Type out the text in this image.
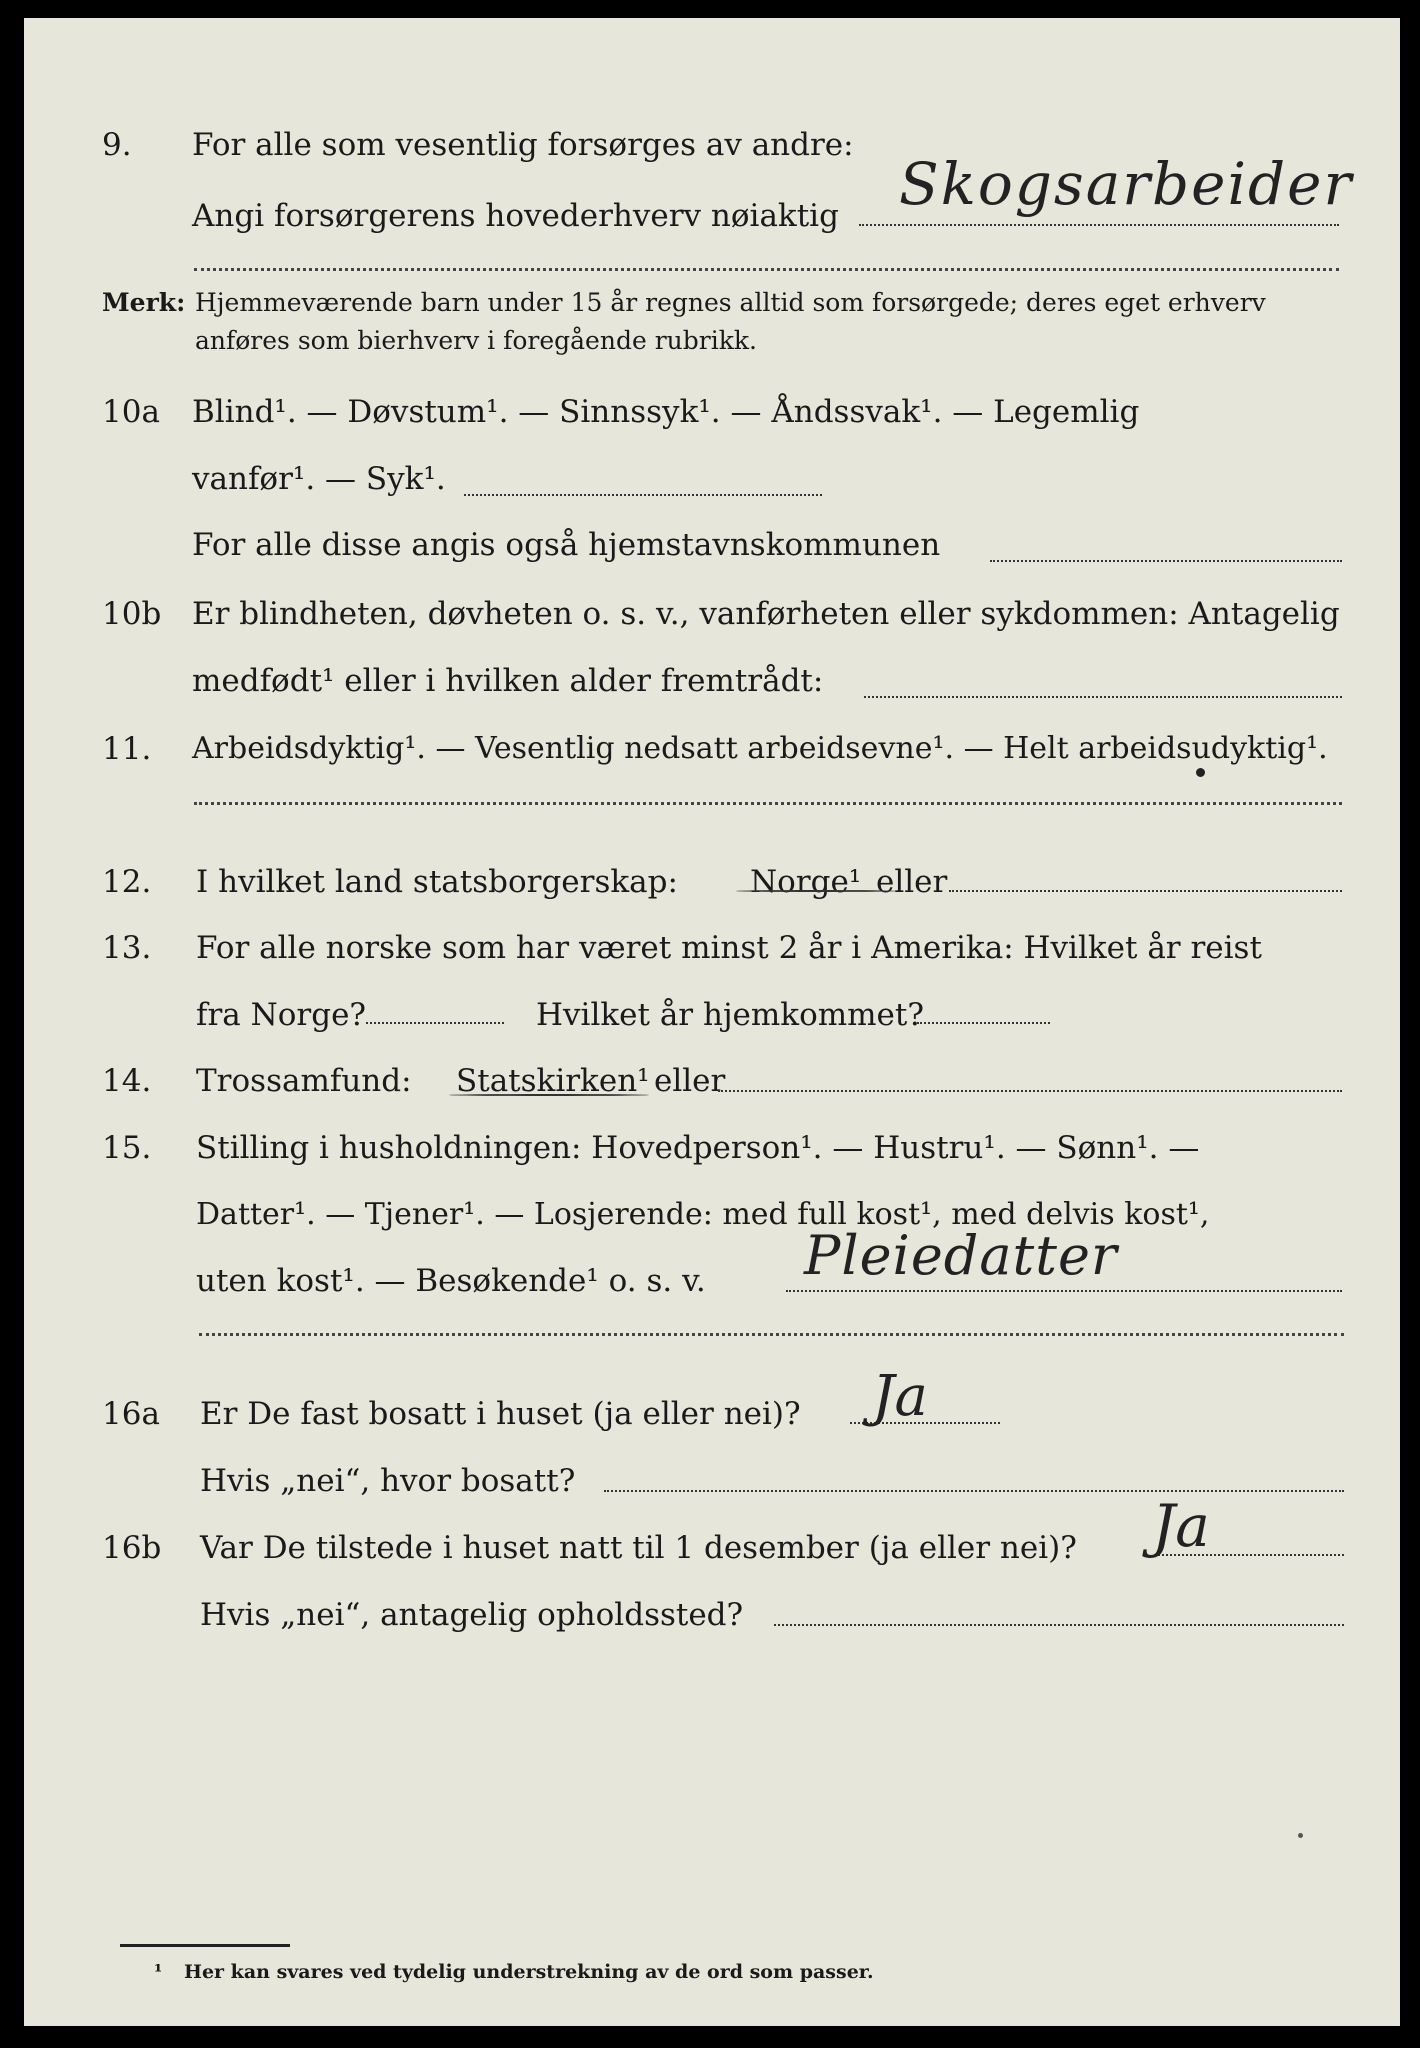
9. For alle som vesentlig forsørges av andre:
Angi forsørgerens hovederhverv nøiaktig Skogsarbeider
Merk: Hjemmeværende barn under 15 år regnes alltid som forsørgede; deres eget erhverv
anføres som bierhverv i foregående rubrikk.
10a Blind¹. — Døvstum¹. — Sinnssyk¹. — Åndssvak¹. — Legemlig
vanfør¹. — Syk¹.
For alle disse angis også hjemstavnskommunen
10b Er blindheten, døvheten o. s. v., vanførheten eller sykdommen: Antagelig
medfødt¹ eller i hvilken alder fremtrådt:
11. Arbeidsdyktig¹. — Vesentlig nedsatt arbeidsevne¹. — Helt arbeidsudyktig¹.
12. I hvilket land statsborgerskap: Norge¹ eller
13. For alle norske som har været minst 2 år i Amerika: Hvilket år reist
fra Norge?	Hvilket år hjemkommet?
14. Trossamfund: Statskirken¹ eller
15. Stilling i husholdningen: Hovedperson¹. — Hustru¹. — Sønn¹. —
Datter¹. — Tjener¹. — Losjerende: med full kost¹, med delvis kost¹,
uten kost¹. — Besøkende¹ o. s. v. Pleiedatter
16a Er De fast bosatt i huset (ja eller nei)? Ja
Hvis „nei“, hvor bosatt?
16b Var De tilstede i huset natt til 1 desember (ja eller nei)? Ja
Hvis „nei“, antagelig opholdssted?
¹ Her kan svares ved tydelig understrekning av de ord som passer.
